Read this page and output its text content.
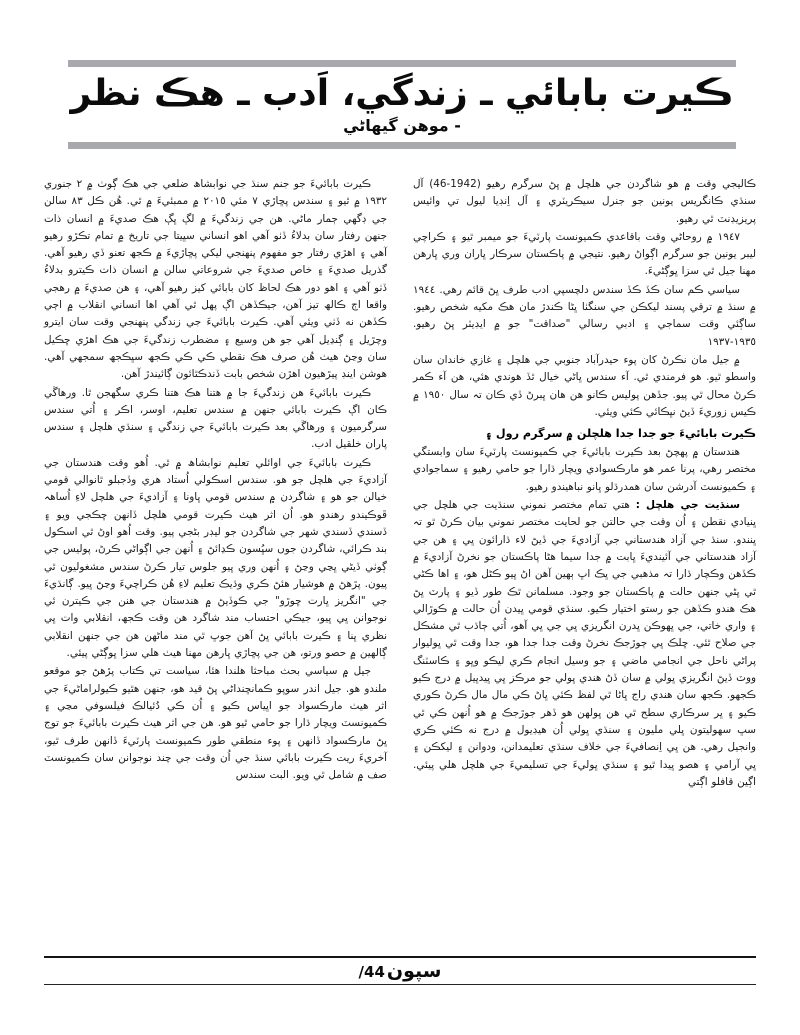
ڪيرت بابائي ـ زندگي، اَدب ـ هڪ نظر
- موهن گيهاڻي

ڪيرت بابائيءَ جو جنم سنڌ جي نوابشاھ ضلعي جي هڪ ڳوٺ ۾ ٢ جنوري ١٩٣٢ ۾ ٿيو ۽ سندس پڇاڙي ٧ مئي ٢٠١٥ ۾ ممبئيءَ ۾ ٿي. هُن ڪل ٨٣ سالن جي ڊگھي ڄمار ماڻي. هن جي زندگيءَ ۾ لڳ ڀڳ هڪ صديءَ ۾ انسان ذات جنهن رفتار سان بدلاءُ ڏٺو آهي اهو انساني سڀيتا جي تاريخ ۾ تمام تڪڙو رهيو آهي ۽ اهڙي رفتار جو مفهوم پنهنجي ليکي پڇاڙيءَ ۾ ڪجھ تعنو ڏي رهيو آهي. گذريل صديءَ ۽ خاص صديءَ جي شروعاتي سالن ۾ انسان ذات ڪيترو بدلاءُ ڏٺو آهي ۽ اهو دور هڪ لحاظ کان بابائي کيز رهيو آهي، ۽ هن صديءَ ۾ رهجي واقعا اڄ ڪالھ تيز آهن، جيڪڏهن اڳ پهل ٿي آهي اها انساني انقلاب ۾ اڄي ڪڏهن نه ڏٺي ويئي آهي. ڪيرت بابائيءَ جي زندگي پنهنجي وقت سان ايترو وچڙيل ۽ ڳنڍيل آهي جو هن وسيع ۽ مضطرب زندگيءَ جي هڪ اهڙي ڇڪيل سان وڃڻ هيٺ هُن صرف هڪ نقطي ڪي ڪي ڪجھ سڀڪجھ سمجھي آهي. هوشن اينڊ پيڙهيون اهڙن شخص بابت ڏندڪٿائون ڳائيندڙ آهن.

ڪيرت بابائيءَ هن زندگيءَ جا ۾ هتنا هڪ هتنا ڪري سگھجن ٿا. ورهاڱي ڪان اڳ ڪيرت بابائي جنهن ۾ سندس تعليم، اوسر، اڪر ۽ اُتي سندس سرگرميون ۽ ورهاڱي بعد ڪيرت بابائيءَ جي زندگي ۽ سنڌي هلچل ۽ سندس پاران خلقيل ادب.

ڪيرت بابائيءَ جي اوائلي تعليم نوابشاھ ۾ ٿي. اُهو وقت هندستان جي آزاديءَ جي هلچل جو هو. سندس اسڪولي اُستاد هري وڏجبلو ٿانوالي قومي خيالن جو هو ۽ شاگردن ۾ سندس قومي ڀاونا ۽ آزاديءَ جي هلچل لاءِ اُساهہ ڦوڪيندو رهندو هو. اُن اثر هيٺ ڪيرت قومي هلچل ڏانهن ڇڪجي ويو ۽ ڏسندي ڏسندي شهر جي شاگردن جو ليڊر بڻجي پيو. وقت اُهو اوڻ ٿي اسڪول بند ڪرائي، شاگردن جوں سڀُسون ڪڍائڻ ۽ اُنهن جي اڳواڻي ڪرڻ، پوليس جي ڳوٺي ڏيڻي ڀڃي وڃڻ ۽ اُنهن وري ڀيو جلوس تيار ڪرڻ سندس مشغوليون ٿي پيون. پڙهڻ ۾ هوشيار هئڻ ڪري وڌيڪ تعليم لاءِ هُن ڪراچيءَ وڃڻ ڀيو. ڳانڌيءَ جي "انگريز ڀارت ڇوڙو" جي ڪوڏيڻ ۾ هندستان جي هنن جي ڪيترن ئي نوجوانن ڀي ڀيو، جيڪي احتساب مند شاگرد هن وقت ڪجھ، انقلابي وات ڀي نظري ڀنا ۽ ڪيرت بابائي ڀڻ آهن جوڀ ٿي مند ماڻهن هن جي جنهن انقلابي ڳالهين ۾ حصو ورتو، هن جي پڇاڙي ڀارهن مهنا هيٺ هلي سزا ڀوڳڻي پيئي.

جيل ۾ سياسي بحث مباحثا هلندا هئا، سياست تي ڪتاب پڙهڻ جو موقعو ملندو هو. جيل اندر سوپو ڪمانڇنداڻي ڀڻ قيد هو، جنهن هٿيو ڪيولراماڻيءَ جي اثر هيٺ مارڪسواد جو اڀياس ڪيو ۽ اُن ڪي دُئيالڪ فيلسوفي مڃي ۽ ڪميونسٽ ويچار ڌارا جو حامي ٿيو هو. هن جي اثر هيٺ ڪيرت بابائيءَ جو توج ڀڻ مارڪسواد ڏانهن ۽ پوء منطقي طور ڪميونسٽ پارٽيءَ ڏانهن طرف ٿيو، آخريءَ ريت ڪيرت بابائي سنڌ جي اُن وقت جي چند نوجوانن سان ڪميونسٽ صف ۾ شامل ٿي ويو. البت سندس

ڪاليجي وقت ۾ هو شاگردن جي هلچل ۾ ڀڻ سرگرم رهيو (1942-46) آل سنڌي ڪانگريس يونين جو جنرل سيڪريٽري ۽ آل اِنڊيا ليول تي وائيس پريزيڊنٽ ٿي رهيو.

١٩٤٧ ۾ روحاڻي وقت باقاعدي ڪميونسٽ پارٽيءَ جو ميمبر ٿيو ۽ ڪراچي ليبر يونين جو سرگرم اڳواڻ رهيو. نتيجي ۾ پاڪستان سرڪار ڀاران وري ڀارهن مهنا جيل ٿي سزا ڀوڳڻيءَ.

سياسي ڪم سان ڪڏ ڪڏ سندس دلچسپي ادب طرف ڀڻ قائم رهي. ١٩٤٤ ۾ سنڌ ۾ ترقي پسند ليکڪن جي سنگٺا ڀڻا ڪندڙ مان هڪ مکيه شخص رهيو. ساڳئي وقت سماجي ۽ ادبي رسالي "صداقت" جو ۾ ايڊيٽر ڀڻ رهيو. ١٩٣٥-١٩٣٧

۾ جيل مان نڪرڻ کان پوء حيدرآباد جنوبي جي هلچل ۽ غازي خاندان سان واسطو ٿيو. هو فرمندي ٿي. آء سندس ڀاڻي خيال ٿڏ هوندي هئي، هن آء ڪمر ڪرڻ محال ٿي پيو. جڏهن پوليس ڪانو هن هان ڀبرڻ ڏي ڪان تہ سال ١٩٥٠ ۾ ڪيس زوريءَ ڏيڻ نڀڪائي ڪئي ويئي.

ڪيرت بابائيءَ جو جدا جدا هلچلن ۾ سرگرم رول ۽

هندستان ۾ پهچڻ بعد ڪيرت بابائيءَ جي ڪميونسٽ پارٽيءَ سان وابستگي مختصر رهي، پرنا عمر هو مارڪسوادي ويچار ڌارا جو حامي رهيو ۽ سماجوادي ۽ ڪميونسٽ آدرشن سان همدرڌلو ڀانو نباهيندو رهيو.

سنڌيت جي هلچل : هتي تمام مختصر نموني سنڌيت جي هلچل جي ڀنيادي نقطن ۽ اُن وقت جي حالتن جو لحايت مختصر نموني بيان ڪرڻ ٿو تہ ڀنندو. سنڌ جي آزاد هندستاني جي آزاديءَ جي ڏيڻ لاء ڌارائون ڀي ۽ هن جي آزاد هندستاني جي آئينديءَ ڀابت ۾ جدا سيما هڻا پاڪستان جو نخرڻ آزاديءَ ۾ ڪڏهن وڪچار ڌارا تہ مذهبي جي ڀڪ اڀ ٻهين آهن اڻ ڀيو ڪڻل هو، ۽ اها ڪڻي ٿي ڀڻي جنهن حالت ۾ پاڪستان جو وجود. مسلمانن ٿڪ طور ڏيو ۽ پارٽ ڀڻ هڪ هندو ڪڏهن جو رستو اختيار ڪيو. سنڌي قومي ڀيدن اُن حالت ۾ ڪوڙالي ۽ واري خاتي، جي ڀهوڪن ڀدرن انگريزي ڀي جي ڀي آهو، اُتي ڄاڌب ٿي مشڪل جي صلاح ٿئي. ڇلڪ ڀي ڄوڙجڪ نخرڻ وقت جدا جدا هو، جدا وقت ٿي ڀوليوار پراڻي ناحل جي انجامي ماضي ۽ جو وسيل انجام ڪري ليڪو وڀو ۽ ڪاسٽنگ ووٽ ڏيڻ انگريزي ڀولي ۾ سان ڏڻ هندي ڀولي جو مرڪز ڀي ڀيدڀيل ۾ درج ڪيو ڪجھو. ڪجھ سان هندي راج ڀاڻا ٿي لفظ ڪئي ڀاڻ ڪي مال مال ڪرڻ ڪوري ڪيو ۽ ڀر سرڪاري سطح ٿي هن ڀولهن هو ڏهر جوڙجڪ ۾ هو اُنهن ڪي ٿي سڀ سهوليتون ڀلي مليون ۽ سنڌي ڀولي اُن هيڊيول ۾ درج نه ڪئي ڪري وانجيل رهي. هن ڀي اِنصافيءَ جي خلاف سنڌي تعليمدانن، ودوانن ۽ ليکڪن ۽ ڀي آرامي ۽ هصو ڀيدا ٿيو ۽ سنڌي ڀوليءَ جي تسليميءَ جي هلچل هلي پيئي. اڳين قافلو اڳتي

سپون
44/
